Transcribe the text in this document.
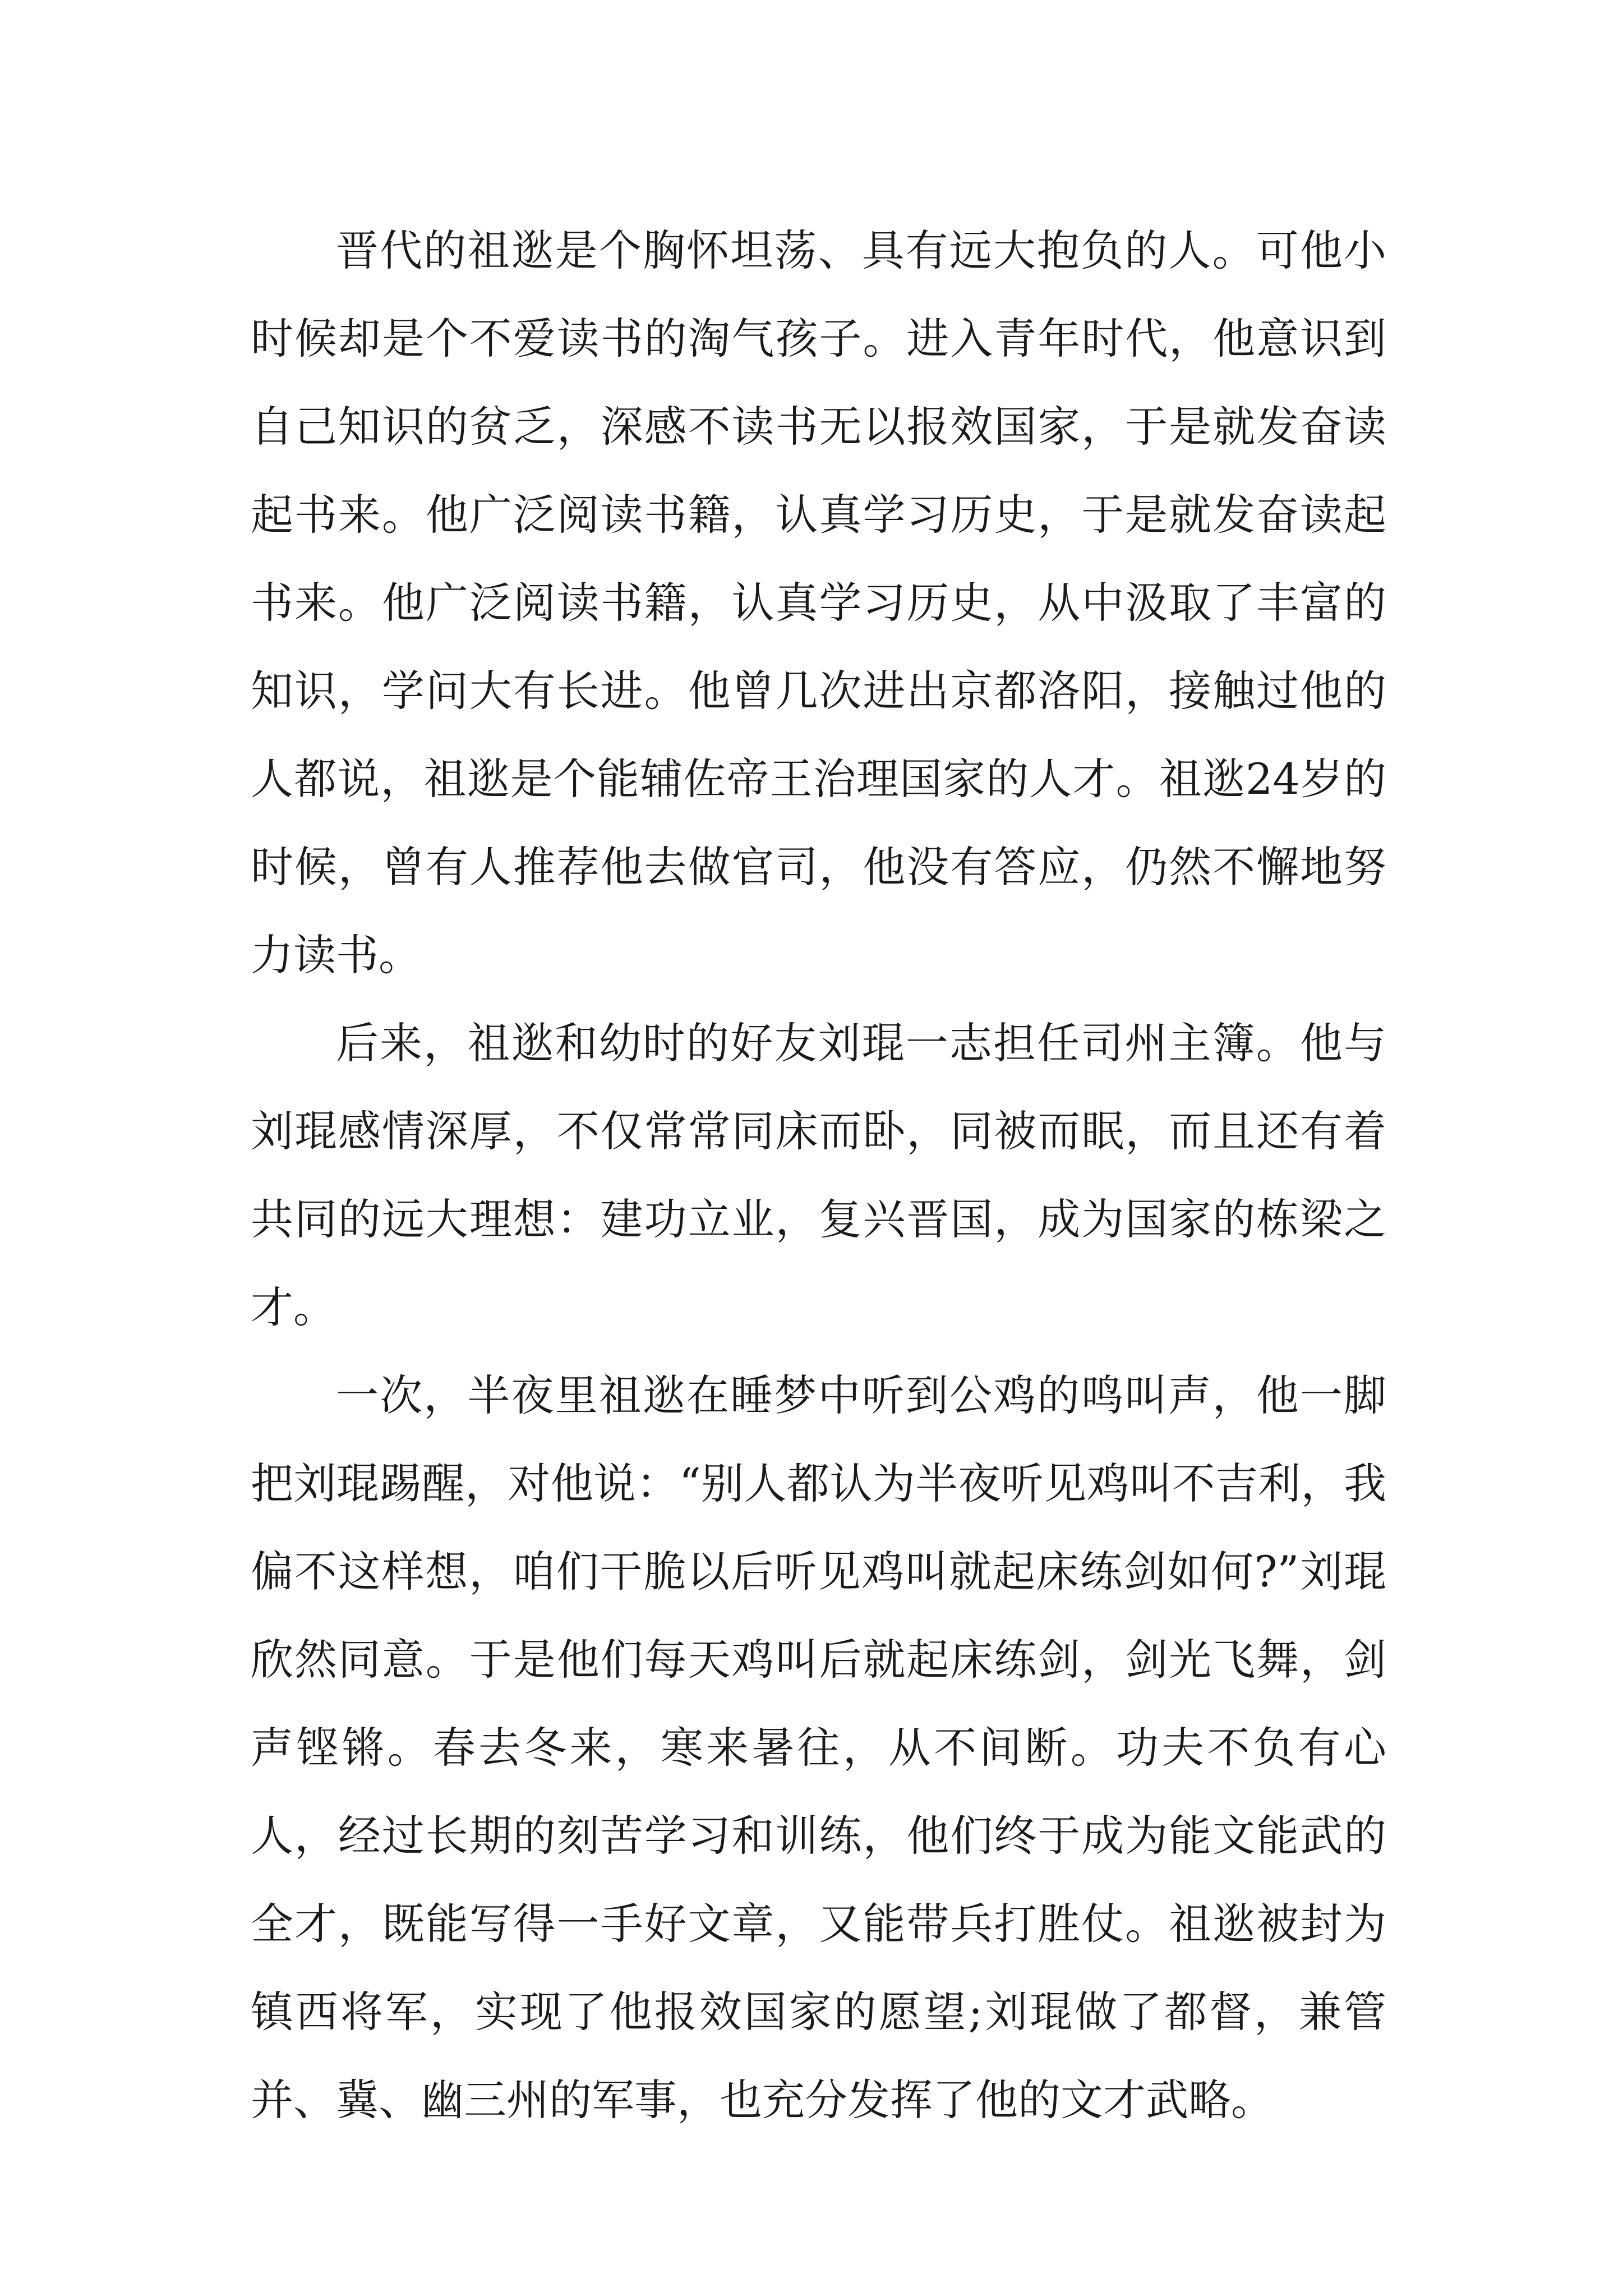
晋代的祖逖是个胸怀坦荡、具有远大抱负的人。可他小时候却是个不爱读书的淘气孩子。进入青年时代，他意识到自己知识的贫乏，深感不读书无以报效国家，于是就发奋读起书来。他广泛阅读书籍，认真学习历史，于是就发奋读起书来。他广泛阅读书籍，认真学习历史，从中汲取了丰富的知识，学问大有长进。他曾几次进出京都洛阳，接触过他的人都说，祖逖是个能辅佐帝王治理国家的人才。祖逖24岁的时候，曾有人推荐他去做官司，他没有答应，仍然不懈地努力读书。

后来，祖逖和幼时的好友刘琨一志担任司州主簿。他与刘琨感情深厚，不仅常常同床而卧，同被而眠，而且还有着共同的远大理想：建功立业，复兴晋国，成为国家的栋梁之才。

一次，半夜里祖逖在睡梦中听到公鸡的鸣叫声，他一脚把刘琨踢醒，对他说：“别人都认为半夜听见鸡叫不吉利，我偏不这样想，咱们干脆以后听见鸡叫就起床练剑如何?”刘琨欣然同意。于是他们每天鸡叫后就起床练剑，剑光飞舞，剑声铿锵。春去冬来，寒来暑往，从不间断。功夫不负有心人，经过长期的刻苦学习和训练，他们终于成为能文能武的全才，既能写得一手好文章，又能带兵打胜仗。祖逖被封为镇西将军，实现了他报效国家的愿望;刘琨做了都督，兼管并、冀、幽三州的军事，也充分发挥了他的文才武略。
